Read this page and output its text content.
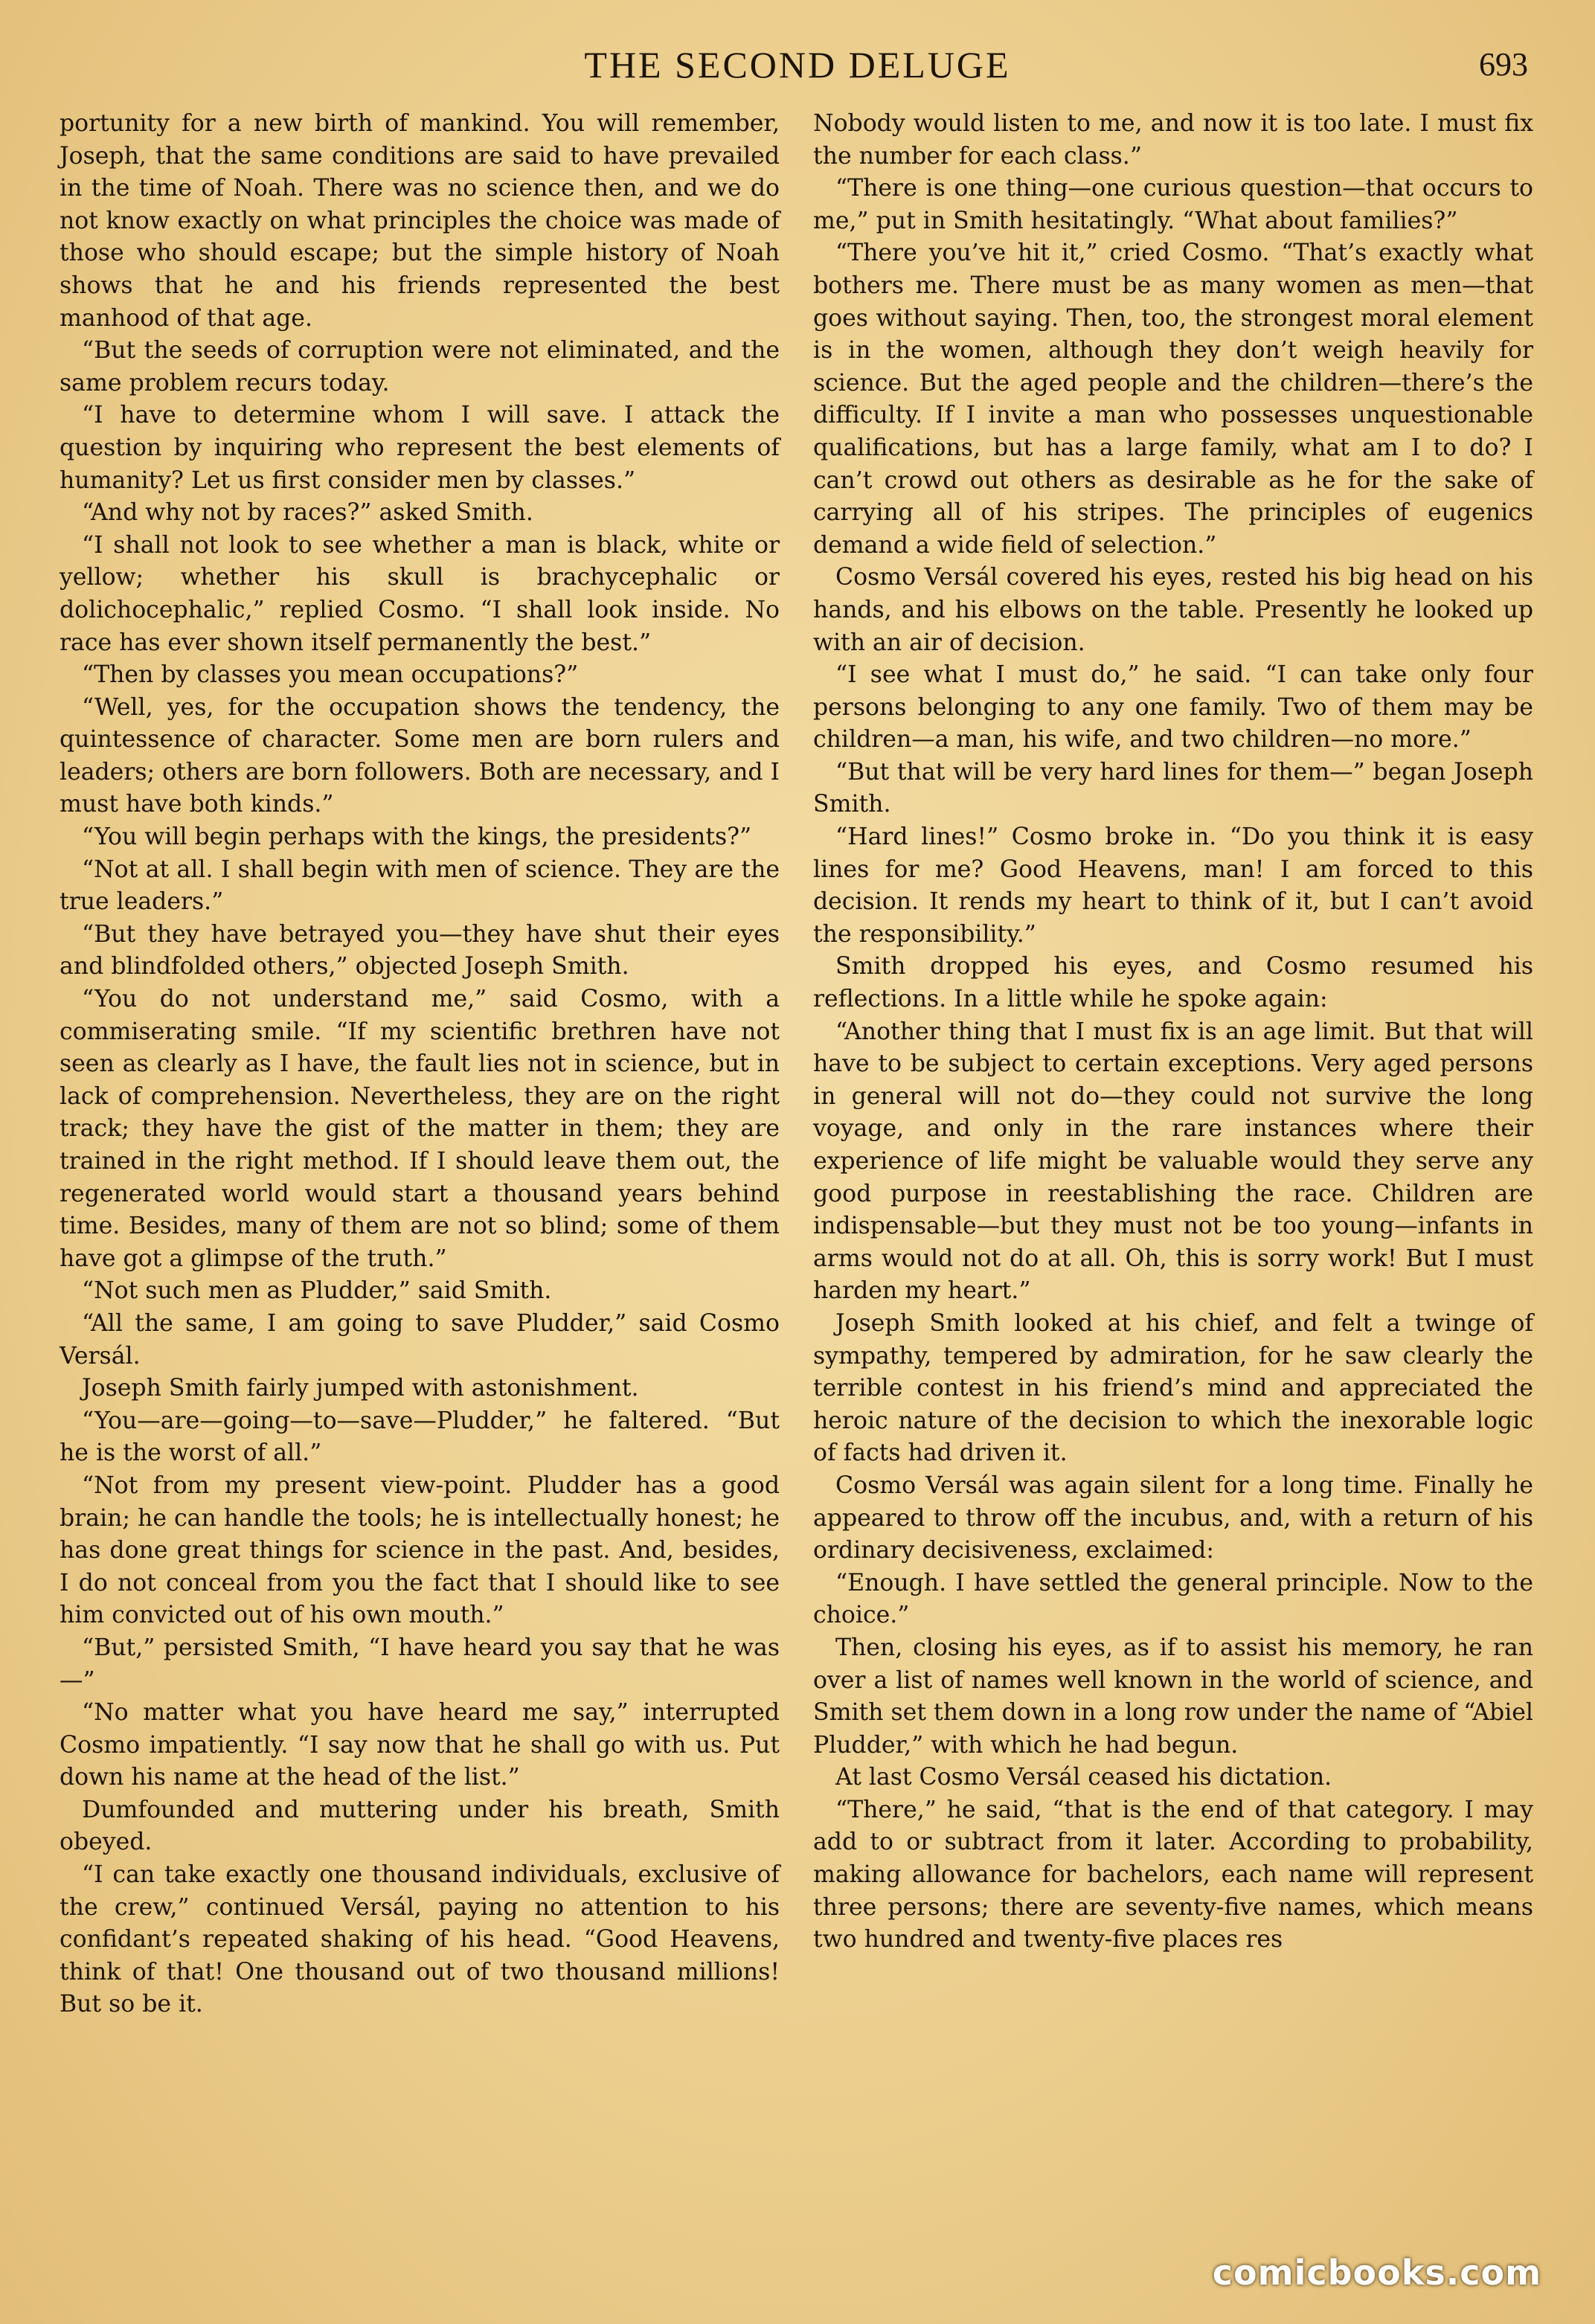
THE SECOND DELUGE	693

portunity for a new birth of mankind. You will remember, Joseph, that the same conditions are said to have prevailed in the time of Noah. There was no science then, and we do not know exactly on what principles the choice was made of those who should escape; but the simple history of Noah shows that he and his friends represented the best manhood of that age.

“But the seeds of corruption were not eliminated, and the same problem recurs today.

“I have to determine whom I will save. I attack the question by inquiring who represent the best elements of humanity? Let us first consider men by classes.”

“And why not by races?” asked Smith.

“I shall not look to see whether a man is black, white or yellow; whether his skull is brachycephalic or dolichocephalic,” replied Cosmo. “I shall look inside. No race has ever shown itself permanently the best.”

“Then by classes you mean occupations?”

“Well, yes, for the occupation shows the tendency, the quintessence of character. Some men are born rulers and leaders; others are born followers. Both are necessary, and I must have both kinds.”

“You will begin perhaps with the kings, the presidents?”

“Not at all. I shall begin with men of science. They are the true leaders.”

“But they have betrayed you—they have shut their eyes and blindfolded others,” objected Joseph Smith.

“You do not understand me,” said Cosmo, with a commiserating smile. “If my scientific brethren have not seen as clearly as I have, the fault lies not in science, but in lack of comprehension. Nevertheless, they are on the right track; they have the gist of the matter in them; they are trained in the right method. If I should leave them out, the regenerated world would start a thousand years behind time. Besides, many of them are not so blind; some of them have got a glimpse of the truth.”

“Not such men as Pludder,” said Smith.

“All the same, I am going to save Pludder,” said Cosmo Versál.

Joseph Smith fairly jumped with astonishment.

“You—are—going—to—save—Pludder,” he faltered. “But he is the worst of all.”

“Not from my present view-point. Pludder has a good brain; he can handle the tools; he is intellectually honest; he has done great things for science in the past. And, besides, I do not conceal from you the fact that I should like to see him convicted out of his own mouth.”

“But,” persisted Smith, “I have heard you say that he was—”

“No matter what you have heard me say,” interrupted Cosmo impatiently. “I say now that he shall go with us. Put down his name at the head of the list.”

Dumfounded and muttering under his breath, Smith obeyed.

“I can take exactly one thousand individuals, exclusive of the crew,” continued Versál, paying no attention to his confidant’s repeated shaking of his head. “Good Heavens, think of that! One thousand out of two thousand millions! But so be it.

Nobody would listen to me, and now it is too late. I must fix the number for each class.”

“There is one thing—one curious question—that occurs to me,” put in Smith hesitatingly. “What about families?”

“There you’ve hit it,” cried Cosmo. “That’s exactly what bothers me. There must be as many women as men—that goes without saying. Then, too, the strongest moral element is in the women, although they don’t weigh heavily for science. But the aged people and the children—there’s the difficulty. If I invite a man who possesses unquestionable qualifications, but has a large family, what am I to do? I can’t crowd out others as desirable as he for the sake of carrying all of his stripes. The principles of eugenics demand a wide field of selection.”

Cosmo Versál covered his eyes, rested his big head on his hands, and his elbows on the table. Presently he looked up with an air of decision.

“I see what I must do,” he said. “I can take only four persons belonging to any one family. Two of them may be children—a man, his wife, and two children—no more.”

“But that will be very hard lines for them—” began Joseph Smith.

“Hard lines!” Cosmo broke in. “Do you think it is easy lines for me? Good Heavens, man! I am forced to this decision. It rends my heart to think of it, but I can’t avoid the responsibility.”

Smith dropped his eyes, and Cosmo resumed his reflections. In a little while he spoke again:

“Another thing that I must fix is an age limit. But that will have to be subject to certain exceptions. Very aged persons in general will not do—they could not survive the long voyage, and only in the rare instances where their experience of life might be valuable would they serve any good purpose in reestablishing the race. Children are indispensable—but they must not be too young—infants in arms would not do at all. Oh, this is sorry work! But I must harden my heart.”

Joseph Smith looked at his chief, and felt a twinge of sympathy, tempered by admiration, for he saw clearly the terrible contest in his friend’s mind and appreciated the heroic nature of the decision to which the inexorable logic of facts had driven it.

Cosmo Versál was again silent for a long time. Finally he appeared to throw off the incubus, and, with a return of his ordinary decisiveness, exclaimed:

“Enough. I have settled the general principle. Now to the choice.”

Then, closing his eyes, as if to assist his memory, he ran over a list of names well known in the world of science, and Smith set them down in a long row under the name of “Abiel Pludder,” with which he had begun.

At last Cosmo Versál ceased his dictation.

“There,” he said, “that is the end of that category. I may add to or subtract from it later. According to probability, making allowance for bachelors, each name will represent three persons; there are seventy-five names, which means two hundred and twenty-five places res

comicbooks.com
